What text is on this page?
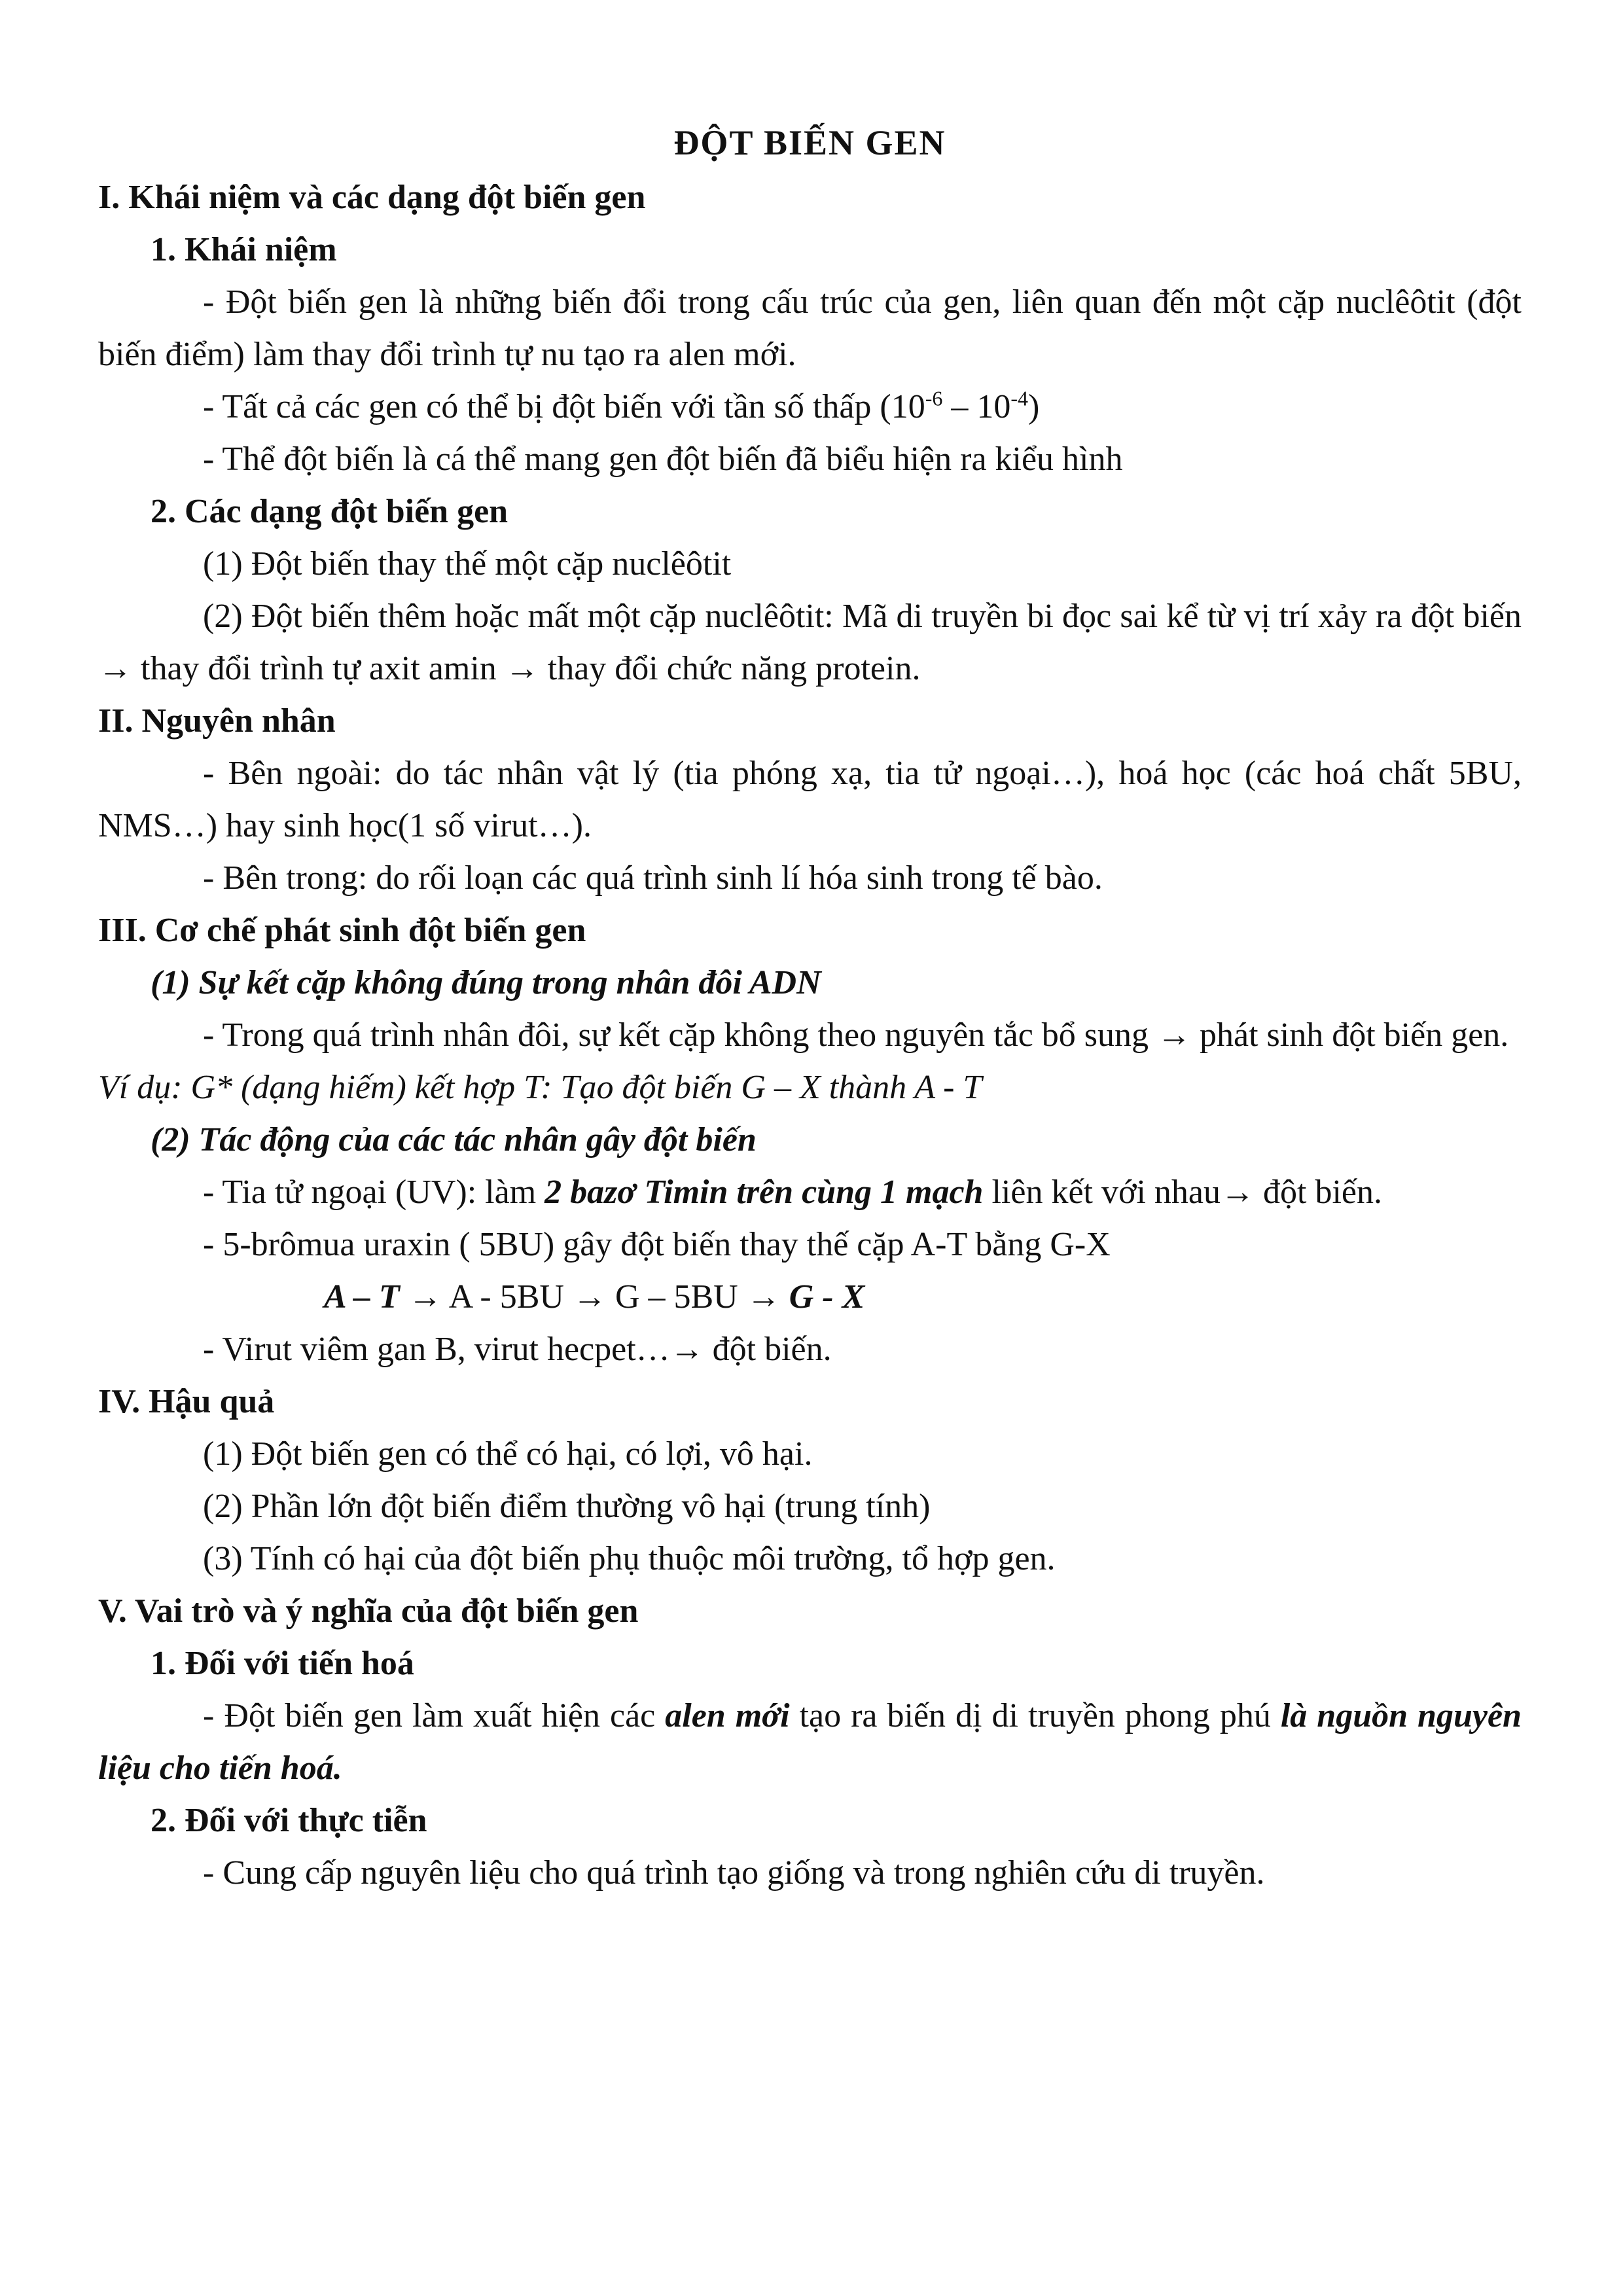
ĐỘT BIẾN GEN
I. Khái niệm và các dạng đột biến gen
1. Khái niệm
- Đột biến gen là những biến đổi trong cấu trúc của gen, liên quan đến một cặp nuclêôtit (đột biến điểm) làm thay đổi trình tự nu tạo ra alen mới.
- Tất cả các gen có thể bị đột biến với tần số thấp $(10^{-6} - 10^{-4})$
- Thể đột biến là cá thể mang gen đột biến đã biểu hiện ra kiểu hình
2. Các dạng đột biến gen
(1) Đột biến thay thế một cặp nuclêôtit
(2) Đột biến thêm hoặc mất một cặp nuclêôtit: Mã di truyền bi đọc sai kể từ vị trí xảy ra đột biến → thay đổi trình tự axit amin → thay đổi chức năng protein.
II. Nguyên nhân
- Bên ngoài: do tác nhân vật lý (tia phóng xạ, tia tử ngoại…), hoá học (các hoá chất 5BU, NMS…) hay sinh học(1 số virut…).
- Bên trong: do rối loạn các quá trình sinh lí hóa sinh trong tế bào.
III. Cơ chế phát sinh đột biến gen
(1) Sự kết cặp không đúng trong nhân đôi ADN
- Trong quá trình nhân đôi, sự kết cặp không theo nguyên tắc bổ sung → phát sinh đột biến gen.
Ví dụ: G* (dạng hiếm) kết hợp T: Tạo đột biến G – X thành A - T
(2) Tác động của các tác nhân gây đột biến
- Tia tử ngoại (UV): làm 2 bazơ Timin trên cùng 1 mạch liên kết với nhau→ đột biến.
- 5-brômua uraxin ( 5BU) gây đột biến thay thế cặp A-T bằng G-X
A – T → A - 5BU → G – 5BU → G - X
- Virut viêm gan B, virut hecpet…→ đột biến.
IV. Hậu quả
(1) Đột biến gen có thể có hại, có lợi, vô hại.
(2) Phần lớn đột biến điểm thường vô hại (trung tính)
(3) Tính có hại của đột biến phụ thuộc môi trường, tổ hợp gen.
V. Vai trò và ý nghĩa của đột biến gen
1. Đối với tiến hoá
- Đột biến gen làm xuất hiện các alen mới tạo ra biến dị di truyền phong phú là nguồn nguyên liệu cho tiến hoá.
2. Đối với thực tiễn
- Cung cấp nguyên liệu cho quá trình tạo giống và trong nghiên cứu di truyền.
